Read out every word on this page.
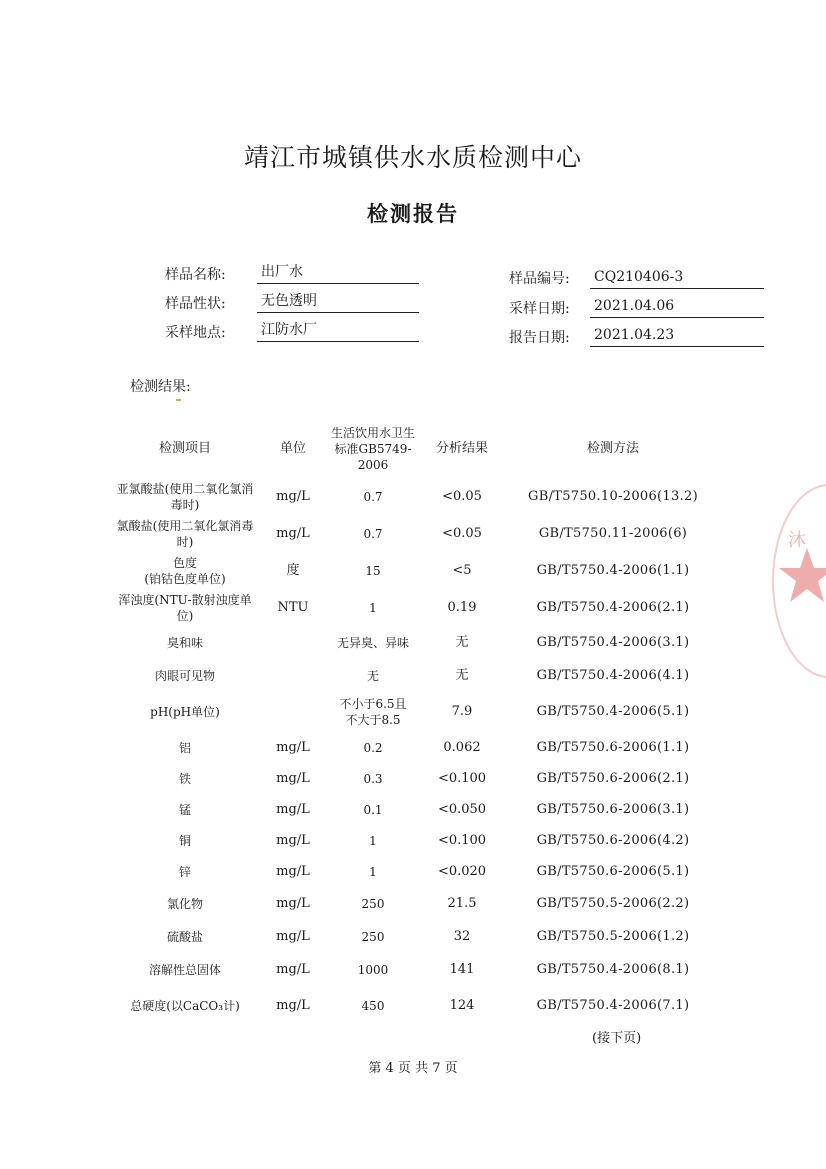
靖江市城镇供水水质检测中心
检测报告
样品名称:	出厂水
样品性状:	无色透明
采样地点:	江防水厂
样品编号: CQ210406-3
采样日期: 2021.04.06
报告日期: 2021.04.23
检测结果:
检测项目	单位	生活饮用水卫生标准GB5749-2006	分析结果	检测方法
亚氯酸盐(使用二氧化氯消毒时)	mg/L	0.7	<0.05	GB/T5750.10-2006(13.2)
氯酸盐(使用二氧化氯消毒时)	mg/L	0.7	<0.05	GB/T5750.11-2006(6)
色度
(铂钴色度单位)	度	15	<5	GB/T5750.4-2006(1.1)
浑浊度(NTU-散射浊度单位)	NTU	1	0.19	GB/T5750.4-2006(2.1)
臭和味		无异臭、异味	无	GB/T5750.4-2006(3.1)
肉眼可见物		无	无	GB/T5750.4-2006(4.1)
pH(pH单位)		不小于6.5且
不大于8.5	7.9	GB/T5750.4-2006(5.1)
铝	mg/L	0.2	0.062	GB/T5750.6-2006(1.1)
铁	mg/L	0.3	<0.100	GB/T5750.6-2006(2.1)
锰	mg/L	0.1	<0.050	GB/T5750.6-2006(3.1)
铜	mg/L	1	<0.100	GB/T5750.6-2006(4.2)
锌	mg/L	1	<0.020	GB/T5750.6-2006(5.1)
氯化物	mg/L	250	21.5	GB/T5750.5-2006(2.2)
硫酸盐	mg/L	250	32	GB/T5750.5-2006(1.2)
溶解性总固体	mg/L	1000	141	GB/T5750.4-2006(8.1)
总硬度(以CaCO₃计)	mg/L	450	124	GB/T5750.4-2006(7.1)
(接下页)
第 4 页 共 7 页
沐
